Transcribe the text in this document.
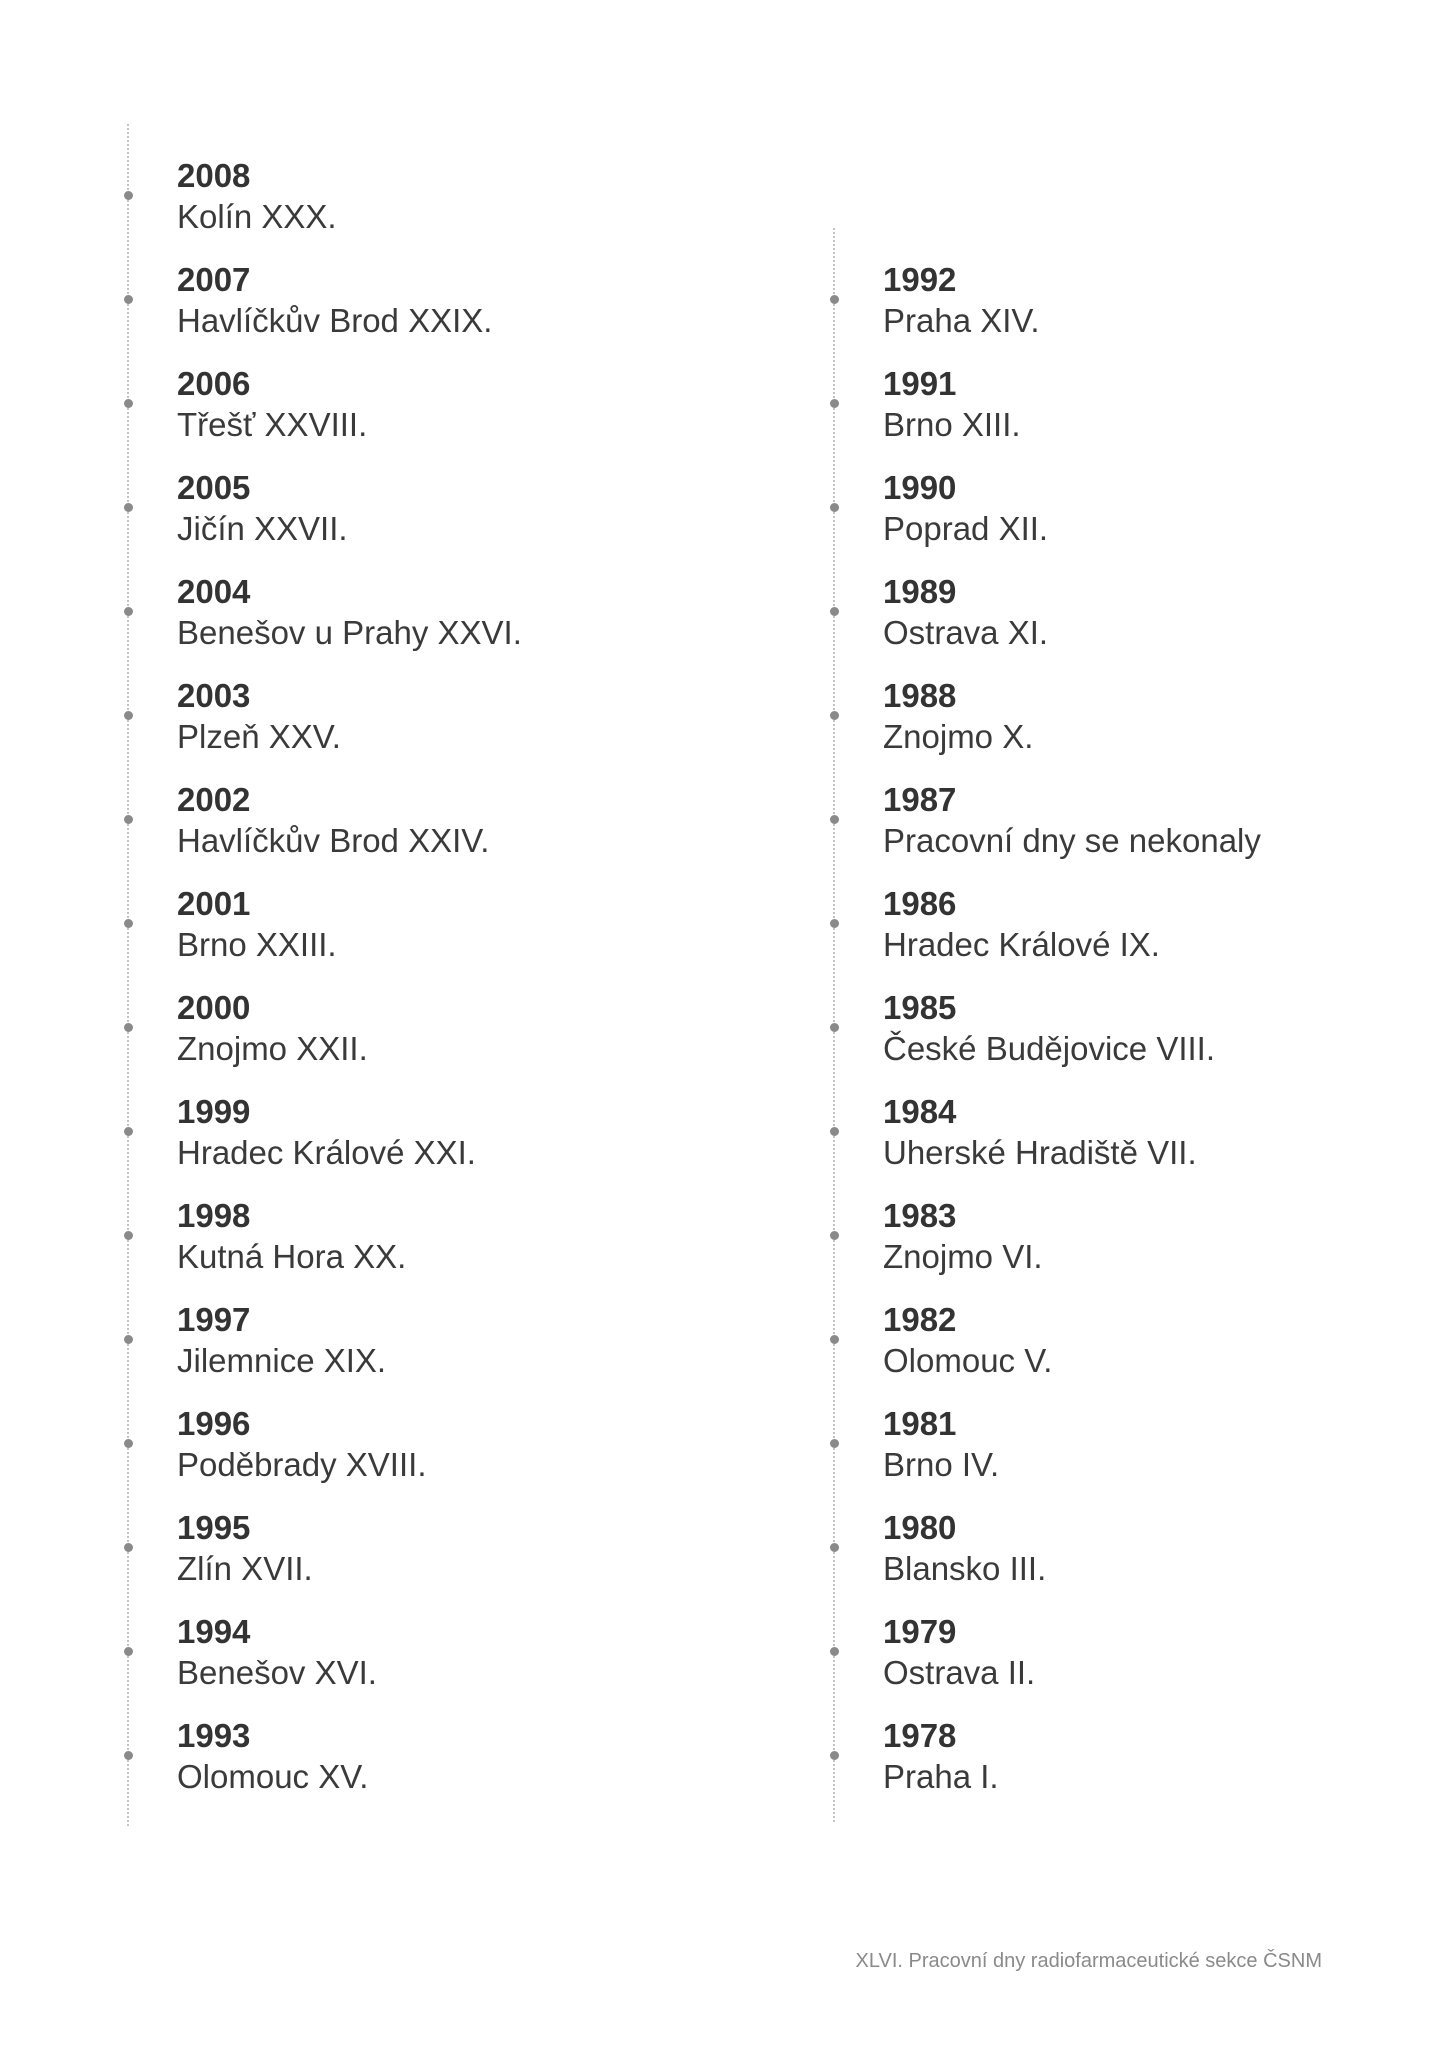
2008
Kolín XXX.
2007
Havlíčkův Brod XXIX.
2006
Třešť XXVIII.
2005
Jičín XXVII.
2004
Benešov u Prahy XXVI.
2003
Plzeň XXV.
2002
Havlíčkův Brod XXIV.
2001
Brno XXIII.
2000
Znojmo XXII.
1999
Hradec Králové XXI.
1998
Kutná Hora XX.
1997
Jilemnice XIX.
1996
Poděbrady XVIII.
1995
Zlín XVII.
1994
Benešov XVI.
1993
Olomouc XV.
1992
Praha XIV.
1991
Brno XIII.
1990
Poprad XII.
1989
Ostrava XI.
1988
Znojmo X.
1987
Pracovní dny se nekonaly
1986
Hradec Králové IX.
1985
České Budějovice VIII.
1984
Uherské Hradiště VII.
1983
Znojmo VI.
1982
Olomouc V.
1981
Brno IV.
1980
Blansko III.
1979
Ostrava II.
1978
Praha I.
XLVI. Pracovní dny radiofarmaceutické sekce ČSNM
